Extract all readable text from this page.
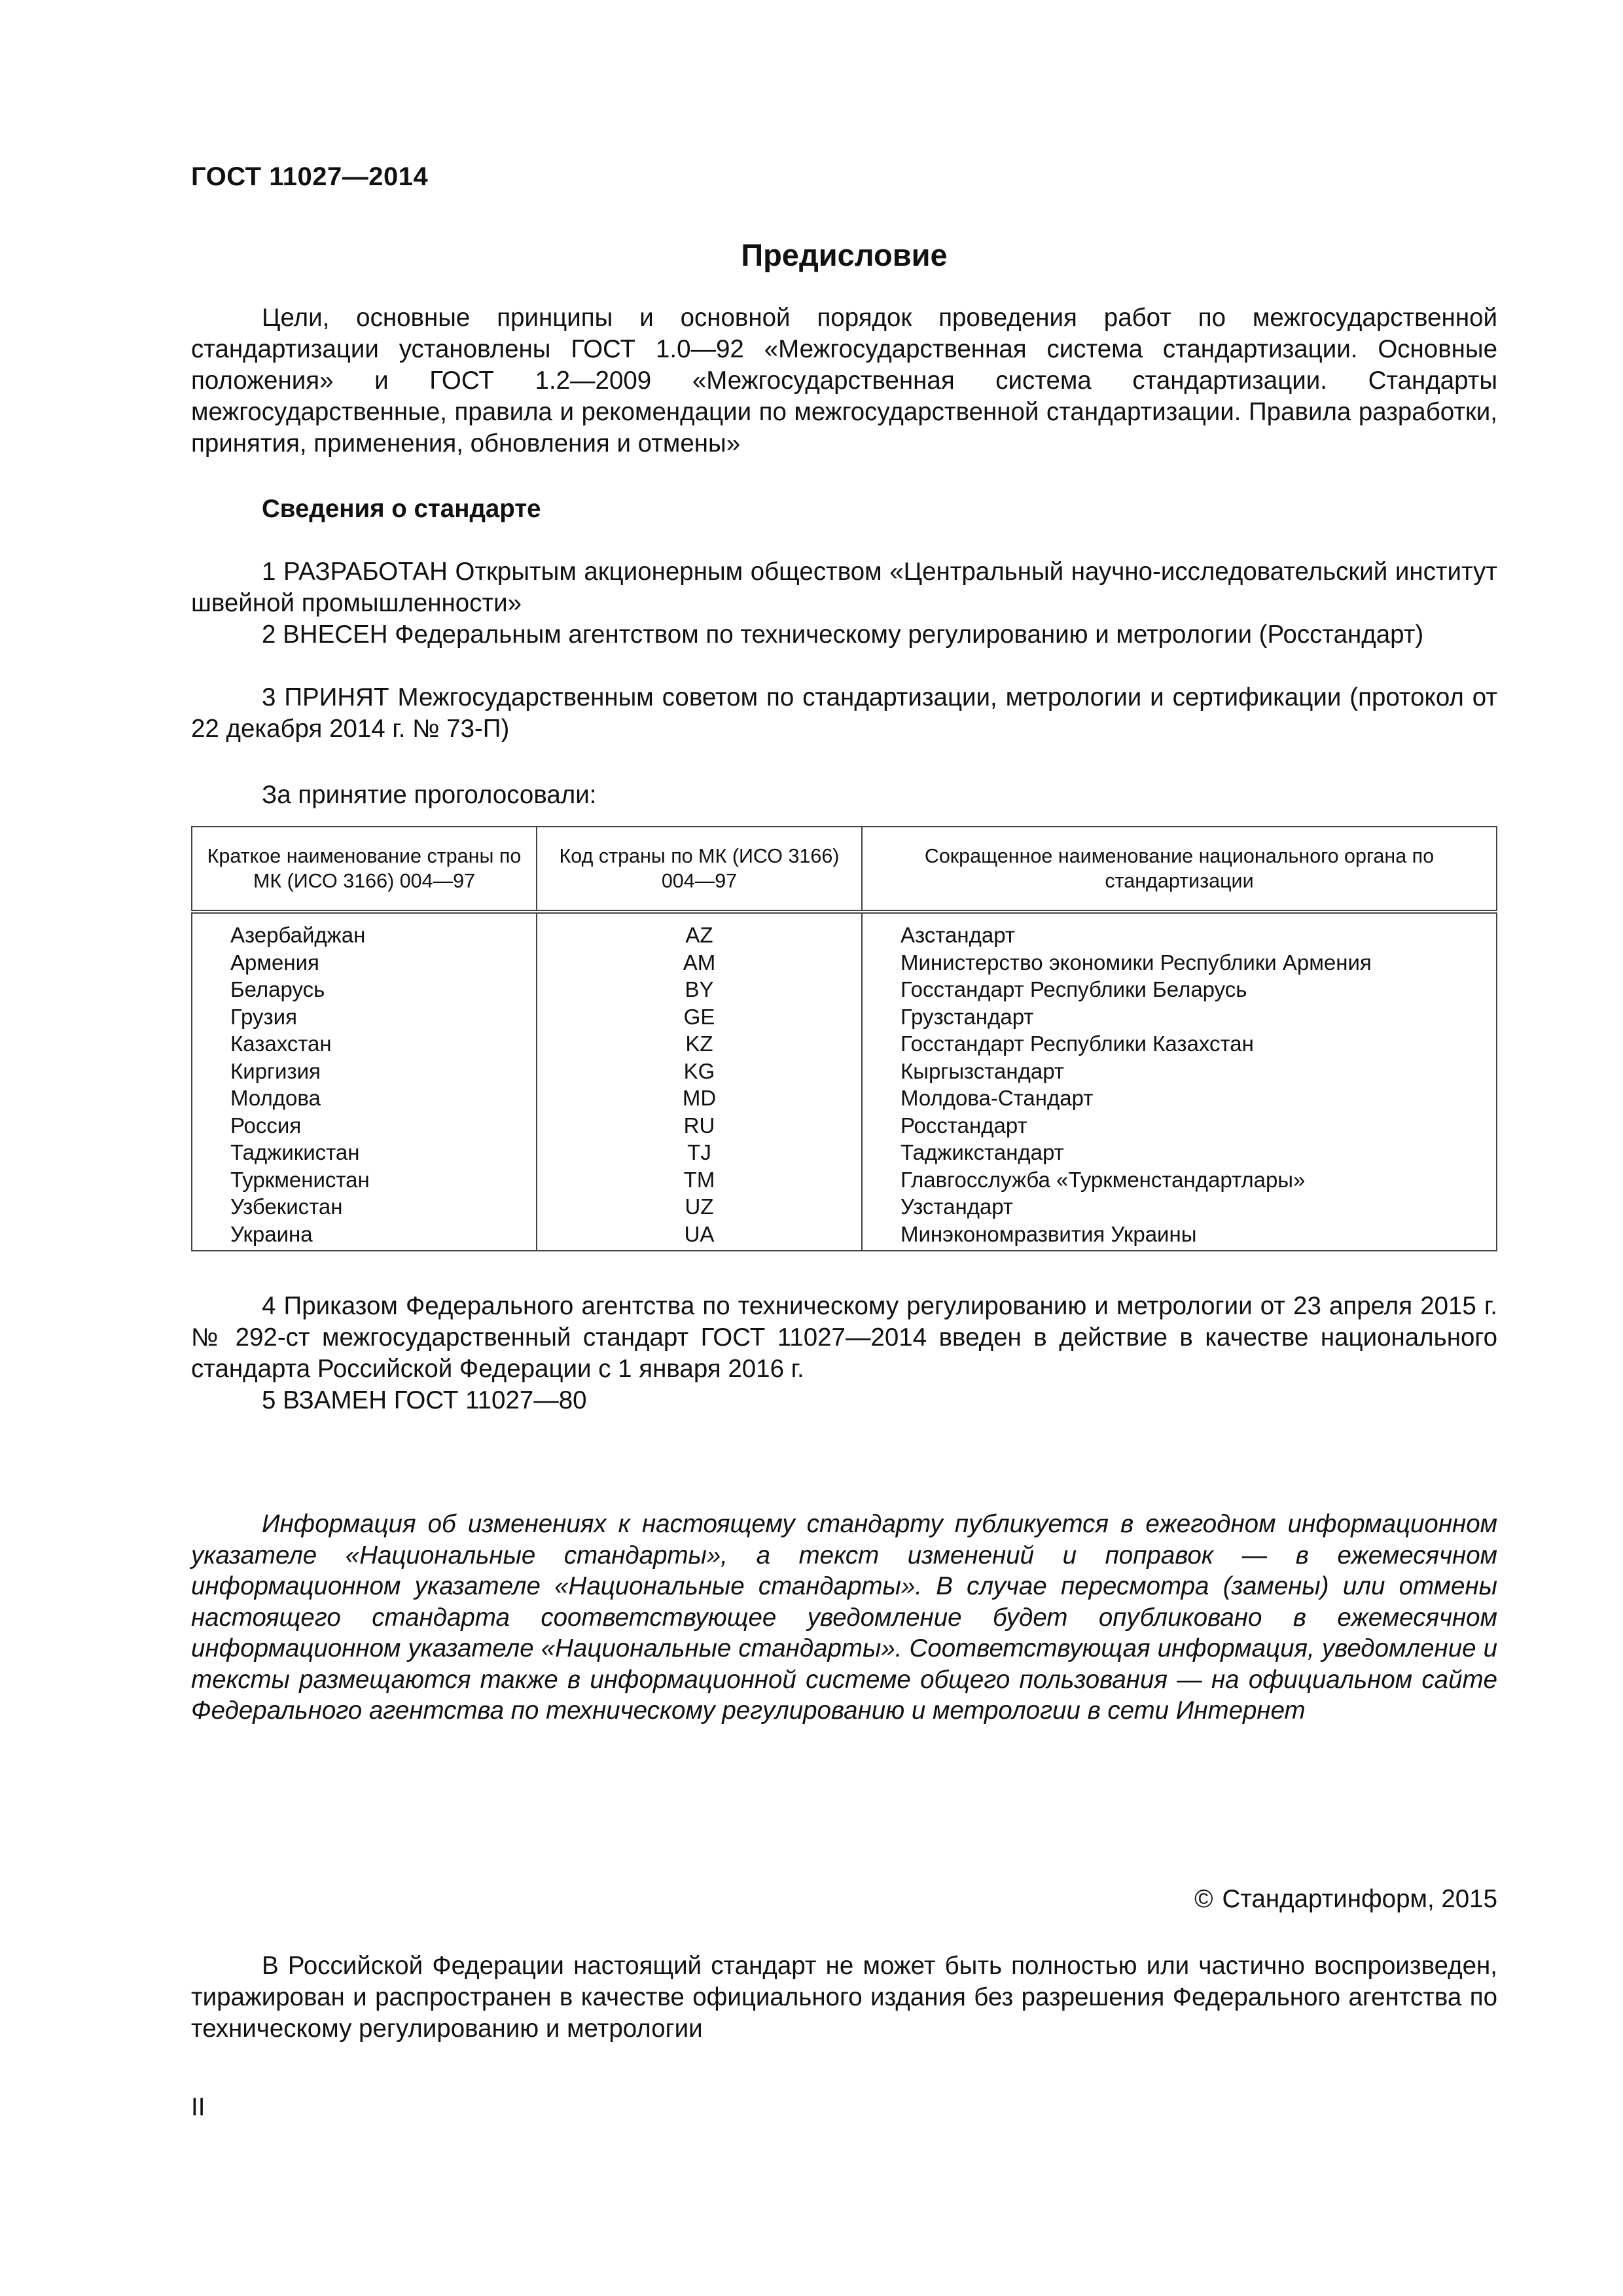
ГОСТ 11027—2014

Предисловие

Цели, основные принципы и основной порядок проведения работ по межгосударственной стандартизации установлены ГОСТ 1.0—92 «Межгосударственная система стандартизации. Основные положения» и ГОСТ 1.2—2009 «Межгосударственная система стандартизации. Стандарты межгосударственные, правила и рекомендации по межгосударственной стандартизации. Правила разработки, принятия, применения, обновления и отмены»

Сведения о стандарте

1 РАЗРАБОТАН Открытым акционерным обществом «Центральный научно-исследовательский институт швейной промышленности»

2 ВНЕСЕН Федеральным агентством по техническому регулированию и метрологии (Росстандарт)

3 ПРИНЯТ Межгосударственным советом по стандартизации, метрологии и сертификации (протокол от 22 декабря 2014 г. № 73-П)

За принятие проголосовали:

Краткое наименование страны по МК (ИСО 3166) 004—97	Код страны по МК (ИСО 3166) 004—97	Сокращенное наименование национального органа по стандартизации
Азербайджан	AZ	Азстандарт
Армения	AM	Министерство экономики Республики Армения
Беларусь	BY	Госстандарт Республики Беларусь
Грузия	GE	Грузстандарт
Казахстан	KZ	Госстандарт Республики Казахстан
Киргизия	KG	Кыргызстандарт
Молдова	MD	Молдова-Стандарт
Россия	RU	Росстандарт
Таджикистан	TJ	Таджикстандарт
Туркменистан	TM	Главгосслужба «Туркменстандартлары»
Узбекистан	UZ	Узстандарт
Украина	UA	Минэкономразвития Украины

4 Приказом Федерального агентства по техническому регулированию и метрологии от 23 апреля 2015 г. № 292-ст межгосударственный стандарт ГОСТ 11027—2014 введен в действие в качестве национального стандарта Российской Федерации с 1 января 2016 г.

5 ВЗАМЕН ГОСТ 11027—80

Информация об изменениях к настоящему стандарту публикуется в ежегодном информационном указателе «Национальные стандарты», а текст изменений и поправок — в ежемесячном информационном указателе «Национальные стандарты». В случае пересмотра (замены) или отмены настоящего стандарта соответствующее уведомление будет опубликовано в ежемесячном информационном указателе «Национальные стандарты». Соответствующая информация, уведомление и тексты размещаются также в информационной системе общего пользования — на официальном сайте Федерального агентства по техническому регулированию и метрологии в сети Интернет

© Стандартинформ, 2015

В Российской Федерации настоящий стандарт не может быть полностью или частично воспроизведен, тиражирован и распространен в качестве официального издания без разрешения Федерального агентства по техническому регулированию и метрологии

II
